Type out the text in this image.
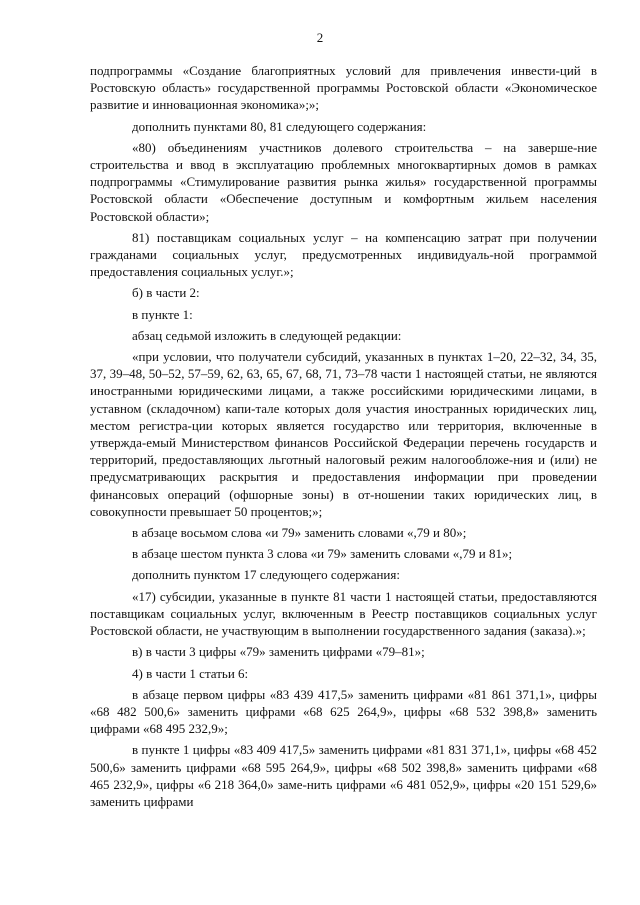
2

подпрограммы «Создание благоприятных условий для привлечения инвести-ций в Ростовскую область» государственной программы Ростовской области «Экономическое развитие и инновационная экономика»;»;

дополнить пунктами 80, 81 следующего содержания:

«80) объединениям участников долевого строительства – на заверше-ние строительства и ввод в эксплуатацию проблемных многоквартирных домов в рамках подпрограммы «Стимулирование развития рынка жилья» государственной программы Ростовской области «Обеспечение доступным и комфортным жильем населения Ростовской области»;

81) поставщикам социальных услуг – на компенсацию затрат при получении гражданами социальных услуг, предусмотренных индивидуаль-ной программой предоставления социальных услуг.»;

б) в части 2:

в пункте 1:

абзац седьмой изложить в следующей редакции:

«при условии, что получатели субсидий, указанных в пунктах 1–20, 22–32, 34, 35, 37, 39–48, 50–52, 57–59, 62, 63, 65, 67, 68, 71, 73–78 части 1 настоящей статьи, не являются иностранными юридическими лицами, а также российскими юридическими лицами, в уставном (складочном) капи-тале которых доля участия иностранных юридических лиц, местом регистра-ции которых является государство или территория, включенные в утвержда-емый Министерством финансов Российской Федерации перечень государств и территорий, предоставляющих льготный налоговый режим налогообложе-ния и (или) не предусматривающих раскрытия и предоставления информации при проведении финансовых операций (офшорные зоны) в от-ношении таких юридических лиц, в совокупности превышает 50 процентов;»;

в абзаце восьмом слова «и 79» заменить словами «,79 и 80»;

в абзаце шестом пункта 3 слова «и 79» заменить словами «,79 и 81»;

дополнить пунктом 17 следующего содержания:

«17) субсидии, указанные в пункте 81 части 1 настоящей статьи, предоставляются поставщикам социальных услуг, включенным в Реестр поставщиков социальных услуг Ростовской области, не участвующим в выполнении государственного задания (заказа).»;

в) в части 3 цифры «79» заменить цифрами «79–81»;

4) в части 1 статьи 6:

в абзаце первом цифры «83 439 417,5» заменить цифрами «81 861 371,1», цифры «68 482 500,6» заменить цифрами «68 625 264,9», цифры «68 532 398,8» заменить цифрами «68 495 232,9»;

в пункте 1 цифры «83 409 417,5» заменить цифрами «81 831 371,1», цифры «68 452 500,6» заменить цифрами «68 595 264,9», цифры «68 502 398,8» заменить цифрами «68 465 232,9», цифры «6 218 364,0» заме-нить цифрами «6 481 052,9», цифры «20 151 529,6» заменить цифрами
